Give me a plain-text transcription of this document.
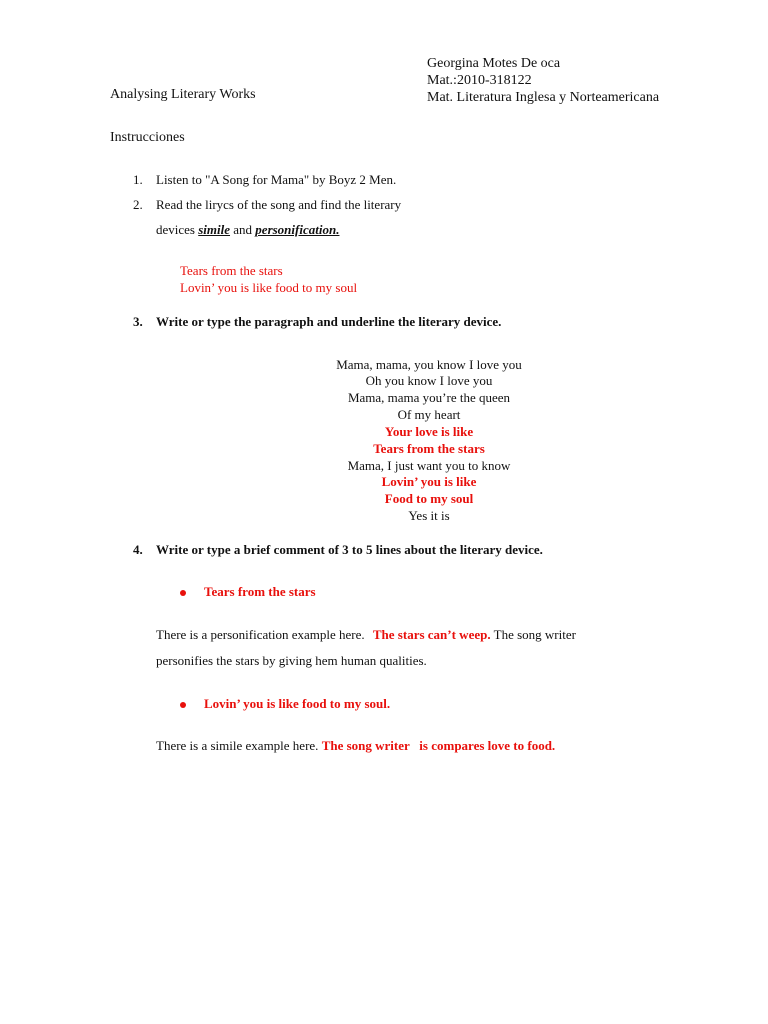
Georgina Motes De oca
Mat.:2010-318122
Mat. Literatura Inglesa y Norteamericana
Analysing Literary Works
Instrucciones
1. Listen to "A Song for Mama" by Boyz 2 Men.
2. Read the lirycs of the song and find the literary
devices simile and personification.
Tears from the stars
Lovin’ you is like food to my soul
3. Write or type the paragraph and underline the literary device.
Mama, mama, you know I love you
Oh you know I love you
Mama, mama you’re the queen
Of my heart
Your love is like
Tears from the stars
Mama, I just want you to know
Lovin’ you is like
Food to my soul
Yes it is
4. Write or type a brief comment of 3 to 5 lines about the literary device.
Tears from the stars
There is a personification example here. The stars can’t weep. The song writer
personifies the stars by giving hem human qualities.
Lovin’ you is like food to my soul.
There is a simile example here. The song writer   is compares love to food.
